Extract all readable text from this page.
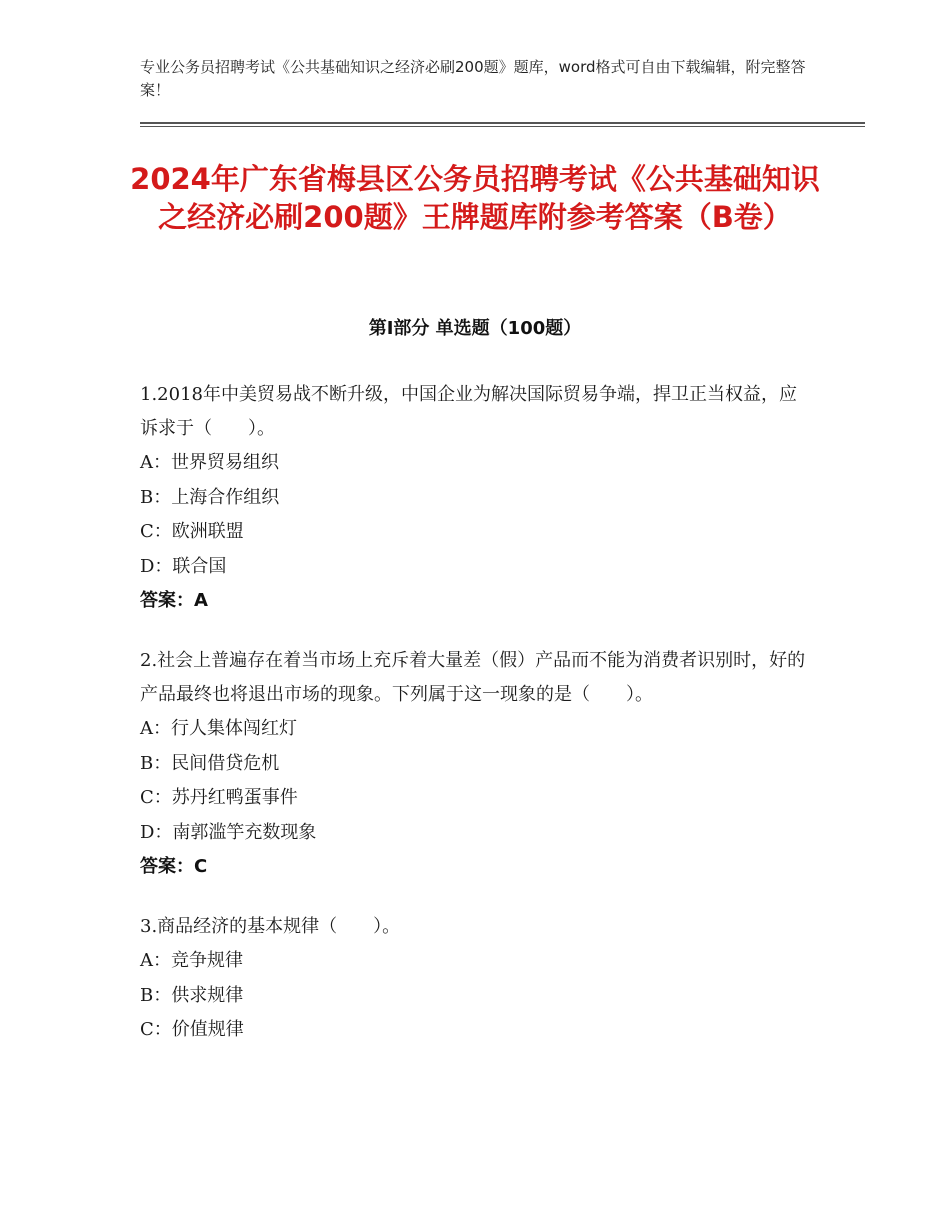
专业公务员招聘考试《公共基础知识之经济必刷200题》题库，word格式可自由下载编辑，附完整答案！
2024年广东省梅县区公务员招聘考试《公共基础知识之经济必刷200题》王牌题库附参考答案（B卷）
第I部分 单选题（100题）

1.2018年中美贸易战不断升级，中国企业为解决国际贸易争端，捍卫正当权益，应诉求于（　　）。

A：世界贸易组织

B：上海合作组织

C：欧洲联盟

D：联合国

答案：A

2.社会上普遍存在着当市场上充斥着大量差（假）产品而不能为消费者识别时，好的产品最终也将退出市场的现象。下列属于这一现象的是（　　）。

A：行人集体闯红灯

B：民间借贷危机

C：苏丹红鸭蛋事件

D：南郭滥竽充数现象

答案：C

3.商品经济的基本规律（　　）。

A：竞争规律

B：供求规律

C：价值规律
